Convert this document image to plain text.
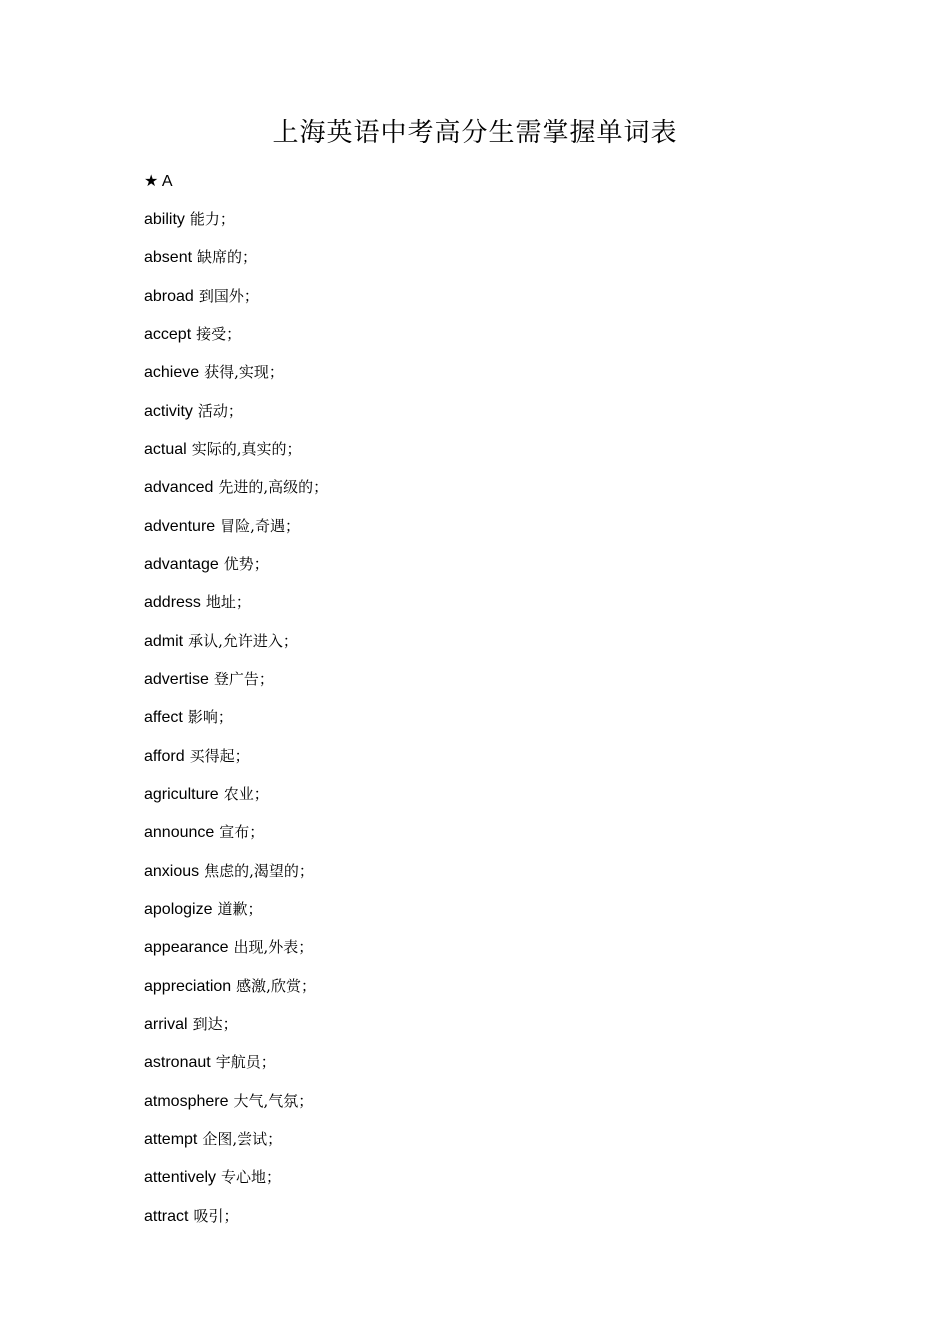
上海英语中考高分生需掌握单词表
★ A
ability 能力；
absent 缺席的；
abroad 到国外；
accept 接受；
achieve 获得,实现；
activity 活动；
actual 实际的,真实的；
advanced 先进的,高级的；
adventure 冒险,奇遇；
advantage 优势；
address 地址；
admit 承认,允许进入；
advertise 登广告；
affect 影响；
afford 买得起；
agriculture 农业；
announce 宣布；
anxious 焦虑的,渴望的；
apologize 道歉；
appearance 出现,外表；
appreciation 感激,欣赏；
arrival 到达；
astronaut 宇航员；
atmosphere 大气,气氛；
attempt 企图,尝试；
attentively 专心地；
attract 吸引；
